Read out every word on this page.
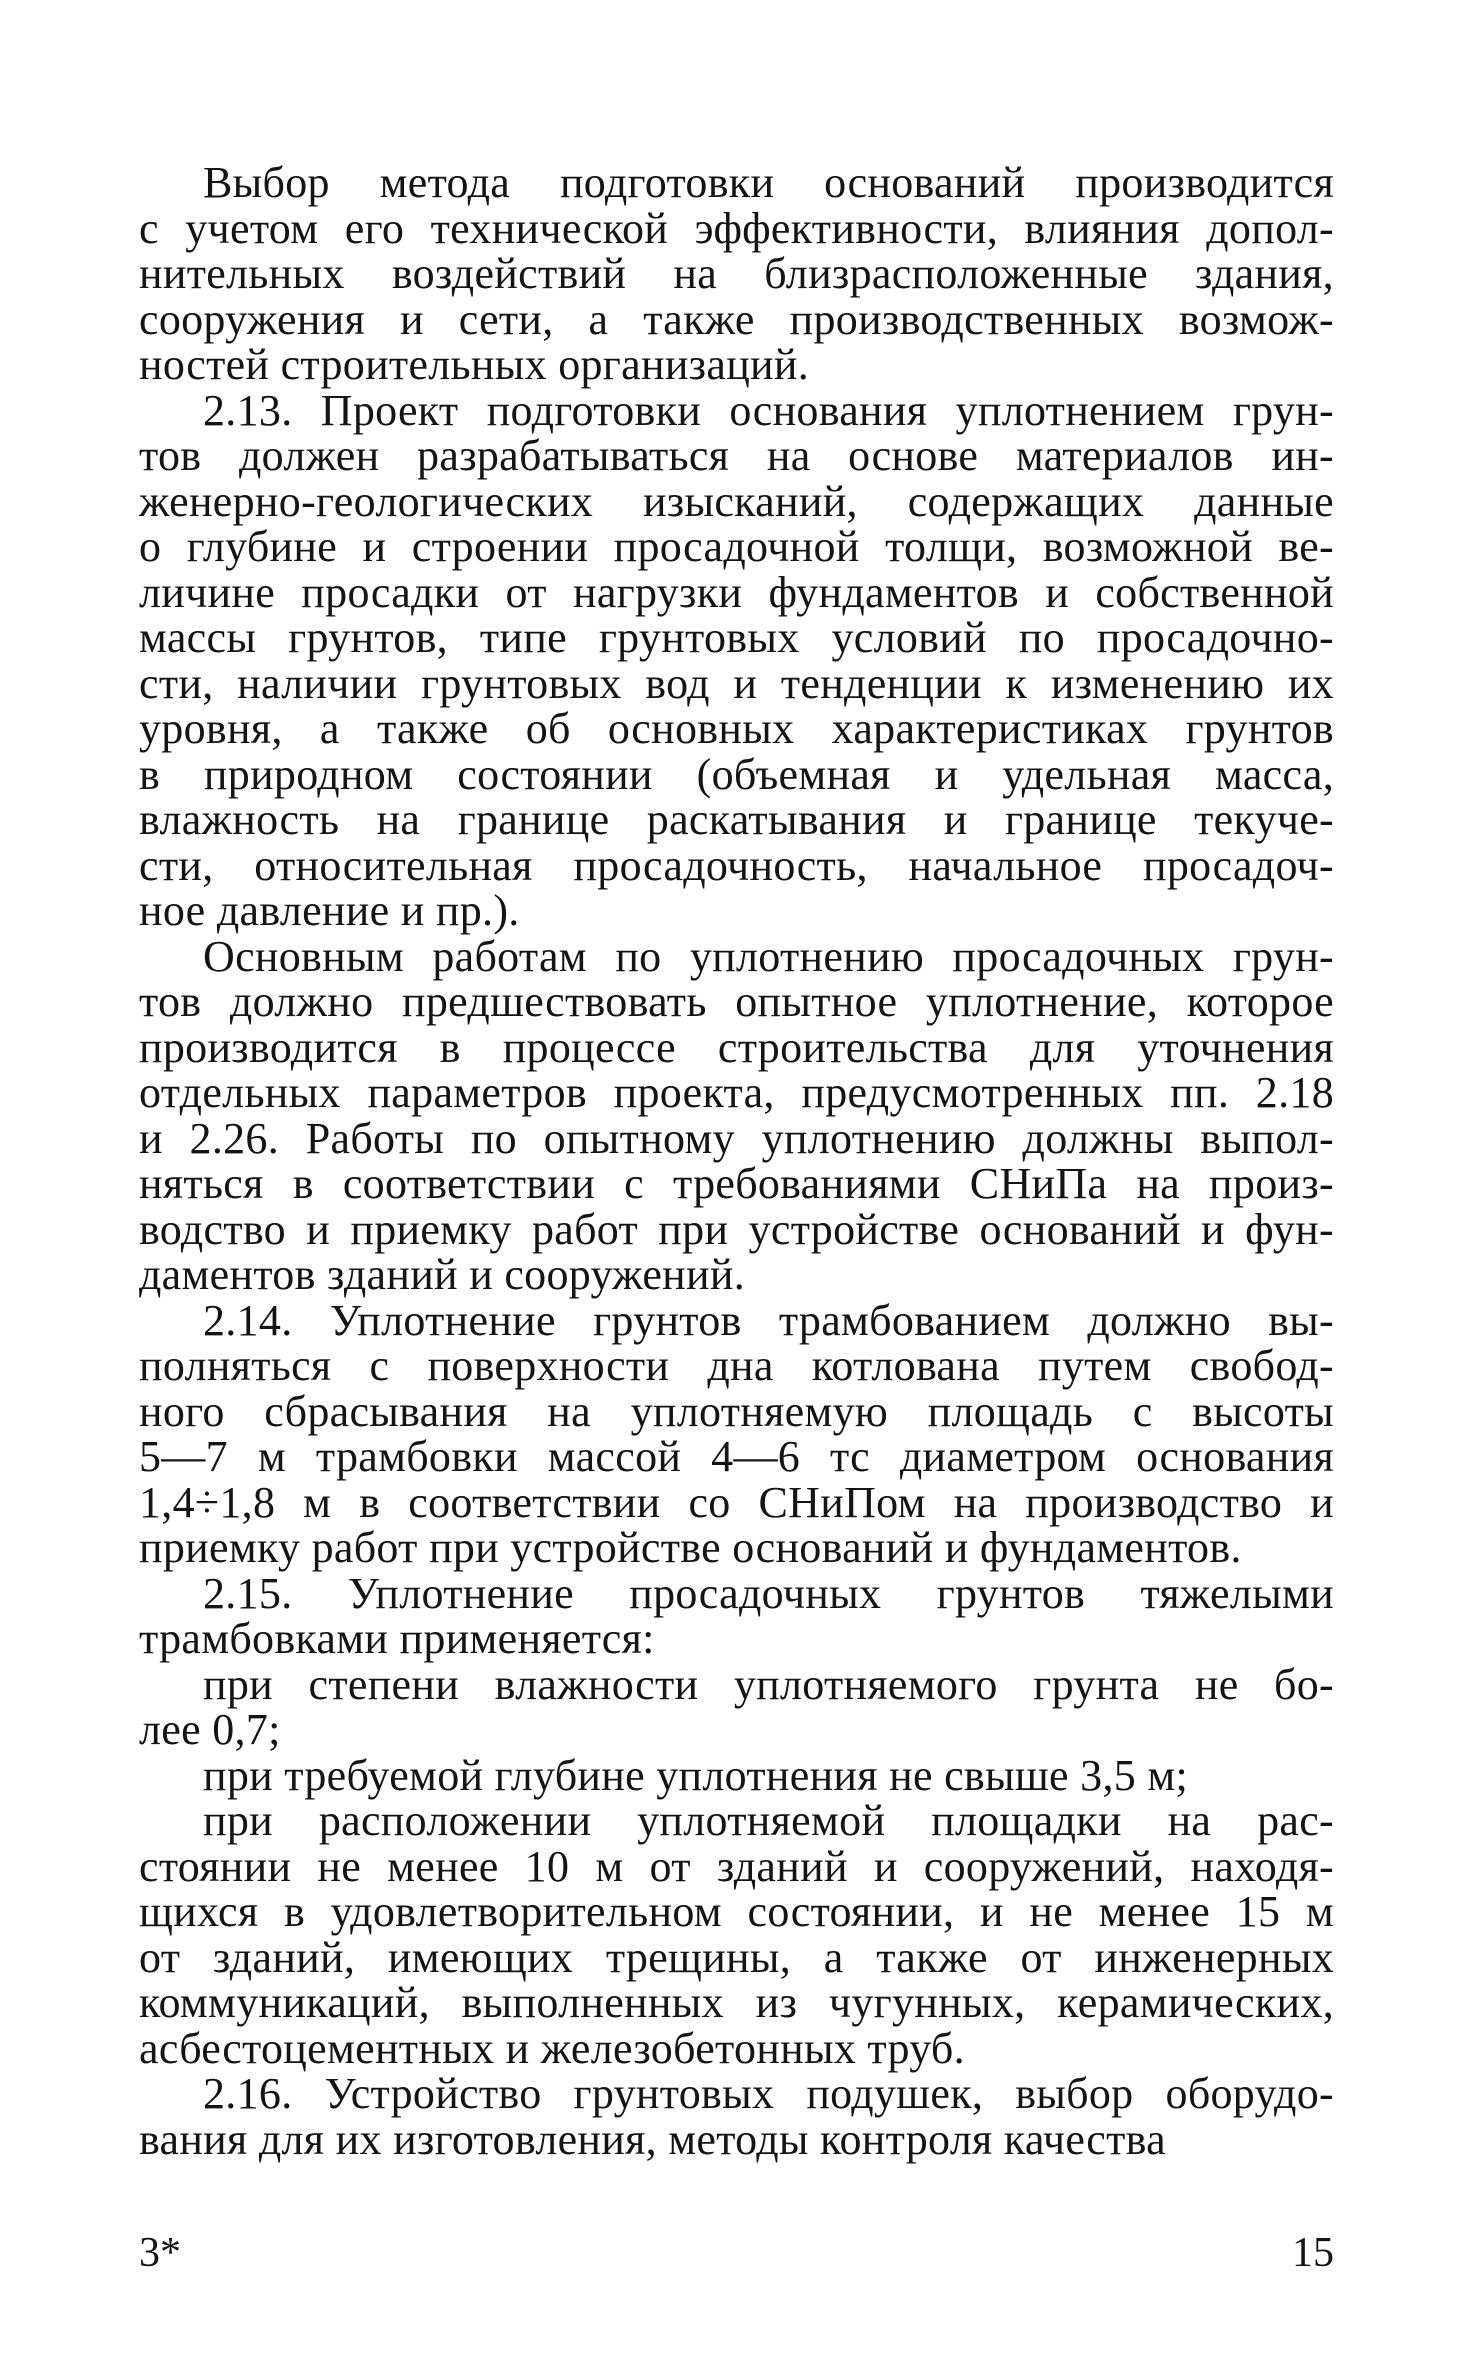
Выбор метода подготовки оснований производится
с учетом его технической эффективности, влияния допол-
нительных воздействий на близрасположенные здания,
сооружения и сети, а также производственных возмож-
ностей строительных организаций.
2.13. Проект подготовки основания уплотнением грун-
тов должен разрабатываться на основе материалов ин-
женерно-геологических изысканий, содержащих данные
о глубине и строении просадочной толщи, возможной ве-
личине просадки от нагрузки фундаментов и собственной
массы грунтов, типе грунтовых условий по просадочно-
сти, наличии грунтовых вод и тенденции к изменению их
уровня, а также об основных характеристиках грунтов
в природном состоянии (объемная и удельная масса,
влажность на границе раскатывания и границе текуче-
сти, относительная просадочность, начальное просадоч-
ное давление и пр.).
Основным работам по уплотнению просадочных грун-
тов должно предшествовать опытное уплотнение, которое
производится в процессе строительства для уточнения
отдельных параметров проекта, предусмотренных пп. 2.18
и 2.26. Работы по опытному уплотнению должны выпол-
няться в соответствии с требованиями СНиПа на произ-
водство и приемку работ при устройстве оснований и фун-
даментов зданий и сооружений.
2.14. Уплотнение грунтов трамбованием должно вы-
полняться с поверхности дна котлована путем свобод-
ного сбрасывания на уплотняемую площадь с высоты
5—7 м трамбовки массой 4—6 тс диаметром основания
1,4÷1,8 м в соответствии со СНиПом на производство и
приемку работ при устройстве оснований и фундаментов.
2.15. Уплотнение просадочных грунтов тяжелыми
трамбовками применяется:
при степени влажности уплотняемого грунта не бо-
лее 0,7;
при требуемой глубине уплотнения не свыше 3,5 м;
при расположении уплотняемой площадки на рас-
стоянии не менее 10 м от зданий и сооружений, находя-
щихся в удовлетворительном состоянии, и не менее 15 м
от зданий, имеющих трещины, а также от инженерных
коммуникаций, выполненных из чугунных, керамических,
асбестоцементных и железобетонных труб.
2.16. Устройство грунтовых подушек, выбор оборудо-
вания для их изготовления, методы контроля качества
3*	15
